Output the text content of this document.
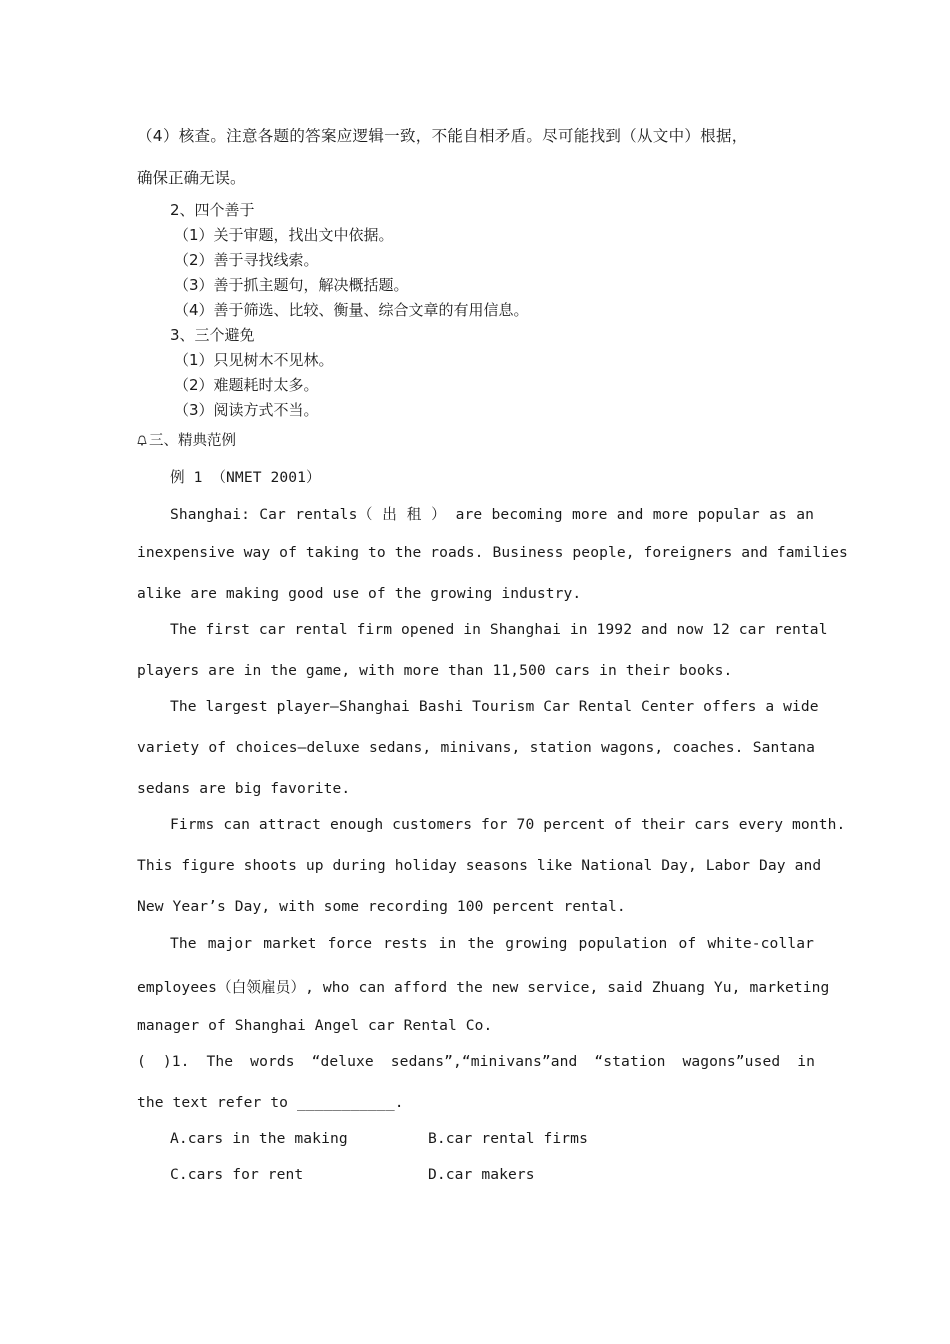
（4）核查。注意各题的答案应逻辑一致，不能自相矛盾。尽可能找到（从文中）根据，
确保正确无误。
2、四个善于
（1）关于审题，找出文中依据。
（2）善于寻找线索。
（3）善于抓主题句，解决概括题。
（4）善于筛选、比较、衡量、综合文章的有用信息。
3、三个避免
（1）只见树木不见林。
（2）难题耗时太多。
（3）阅读方式不当。
三、精典范例
例 1 （NMET 2001）
Shanghai: Car rentals（ 出 租 ） are becoming more and more popular as an
inexpensive way of taking to the roads. Business people, foreigners and families
alike are making good use of the growing industry.
The first car rental firm opened in Shanghai in 1992 and now 12 car rental
players are in the game, with more than 11,500 cars in their books.
The largest player—Shanghai Bashi Tourism Car Rental Center offers a wide
variety of choices—deluxe sedans, minivans, station wagons, coaches. Santana
sedans are big favorite.
Firms can attract enough customers for 70 percent of their cars every month.
This figure shoots up during holiday seasons like National Day, Labor Day and
New Year’s Day, with some recording 100 percent rental.
The major market force rests in the growing population of white-collar
employees（白领雇员）, who can afford the new service, said Zhuang Yu, marketing
manager of Shanghai Angel car Rental Co.
( )1. The words “deluxe sedans”,“minivans”and “station wagons”used in
the text refer to ___________.
A.cars in the making	B.car rental firms
C.cars for rent	D.car makers
